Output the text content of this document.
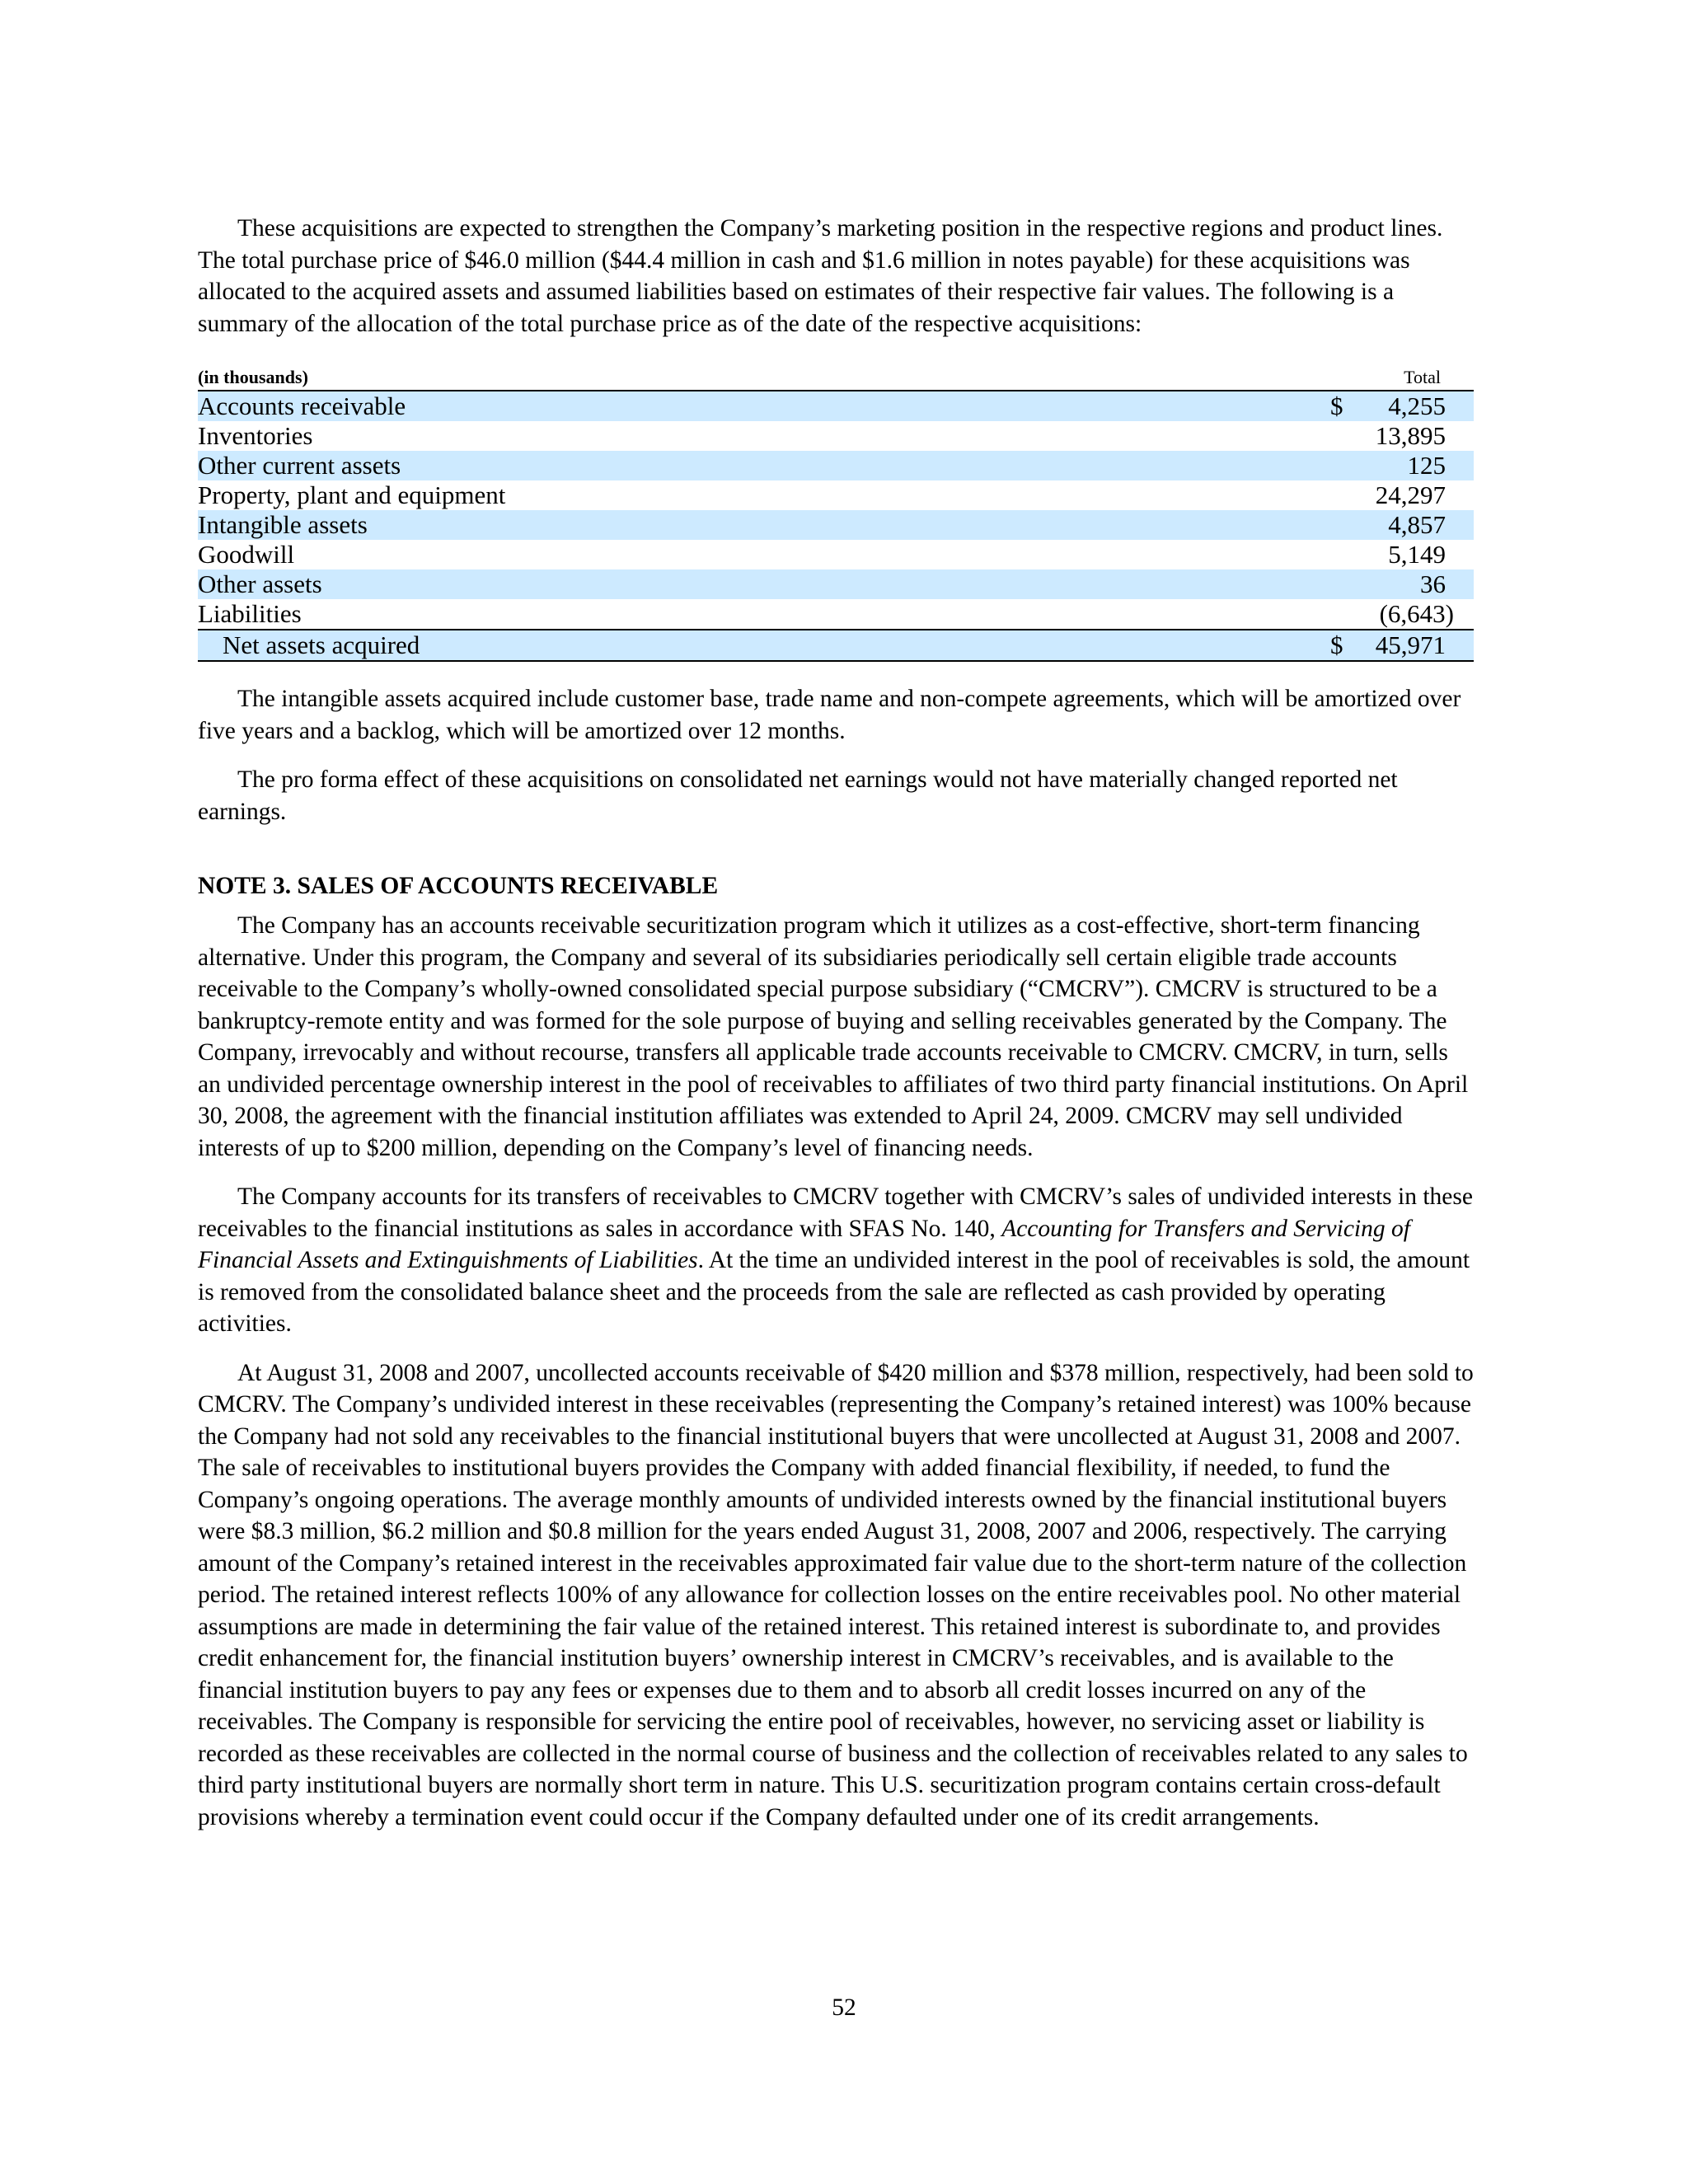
These acquisitions are expected to strengthen the Company’s marketing position in the respective regions and product lines. The total purchase price of $46.0 million ($44.4 million in cash and $1.6 million in notes payable) for these acquisitions was allocated to the acquired assets and assumed liabilities based on estimates of their respective fair values. The following is a summary of the allocation of the total purchase price as of the date of the respective acquisitions:

(in thousands)	Total
Accounts receivable	$ 4,255
Inventories	13,895
Other current assets	125
Property, plant and equipment	24,297
Intangible assets	4,857
Goodwill	5,149
Other assets	36
Liabilities	(6,643)
Net assets acquired	$ 45,971

The intangible assets acquired include customer base, trade name and non-compete agreements, which will be amortized over five years and a backlog, which will be amortized over 12 months.

The pro forma effect of these acquisitions on consolidated net earnings would not have materially changed reported net earnings.

NOTE 3. SALES OF ACCOUNTS RECEIVABLE

The Company has an accounts receivable securitization program which it utilizes as a cost-effective, short-term financing alternative. Under this program, the Company and several of its subsidiaries periodically sell certain eligible trade accounts receivable to the Company’s wholly-owned consolidated special purpose subsidiary (“CMCRV”). CMCRV is structured to be a bankruptcy-remote entity and was formed for the sole purpose of buying and selling receivables generated by the Company. The Company, irrevocably and without recourse, transfers all applicable trade accounts receivable to CMCRV. CMCRV, in turn, sells an undivided percentage ownership interest in the pool of receivables to affiliates of two third party financial institutions. On April 30, 2008, the agreement with the financial institution affiliates was extended to April 24, 2009. CMCRV may sell undivided interests of up to $200 million, depending on the Company’s level of financing needs.

The Company accounts for its transfers of receivables to CMCRV together with CMCRV’s sales of undivided interests in these receivables to the financial institutions as sales in accordance with SFAS No. 140, Accounting for Transfers and Servicing of Financial Assets and Extinguishments of Liabilities. At the time an undivided interest in the pool of receivables is sold, the amount is removed from the consolidated balance sheet and the proceeds from the sale are reflected as cash provided by operating activities.

At August 31, 2008 and 2007, uncollected accounts receivable of $420 million and $378 million, respectively, had been sold to CMCRV. The Company’s undivided interest in these receivables (representing the Company’s retained interest) was 100% because the Company had not sold any receivables to the financial institutional buyers that were uncollected at August 31, 2008 and 2007. The sale of receivables to institutional buyers provides the Company with added financial flexibility, if needed, to fund the Company’s ongoing operations. The average monthly amounts of undivided interests owned by the financial institutional buyers were $8.3 million, $6.2 million and $0.8 million for the years ended August 31, 2008, 2007 and 2006, respectively. The carrying amount of the Company’s retained interest in the receivables approximated fair value due to the short-term nature of the collection period. The retained interest reflects 100% of any allowance for collection losses on the entire receivables pool. No other material assumptions are made in determining the fair value of the retained interest. This retained interest is subordinate to, and provides credit enhancement for, the financial institution buyers’ ownership interest in CMCRV’s receivables, and is available to the financial institution buyers to pay any fees or expenses due to them and to absorb all credit losses incurred on any of the receivables. The Company is responsible for servicing the entire pool of receivables, however, no servicing asset or liability is recorded as these receivables are collected in the normal course of business and the collection of receivables related to any sales to third party institutional buyers are normally short term in nature. This U.S. securitization program contains certain cross-default provisions whereby a termination event could occur if the Company defaulted under one of its credit arrangements.

52
